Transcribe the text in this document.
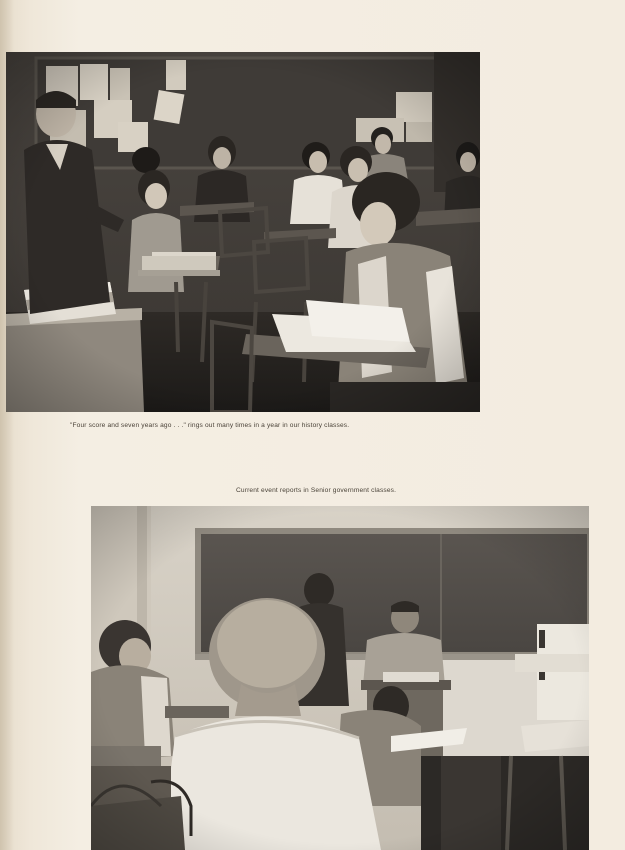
"Four score and seven years ago . . ." rings out many times in a year in our history classes.
Current event reports in Senior government classes.
